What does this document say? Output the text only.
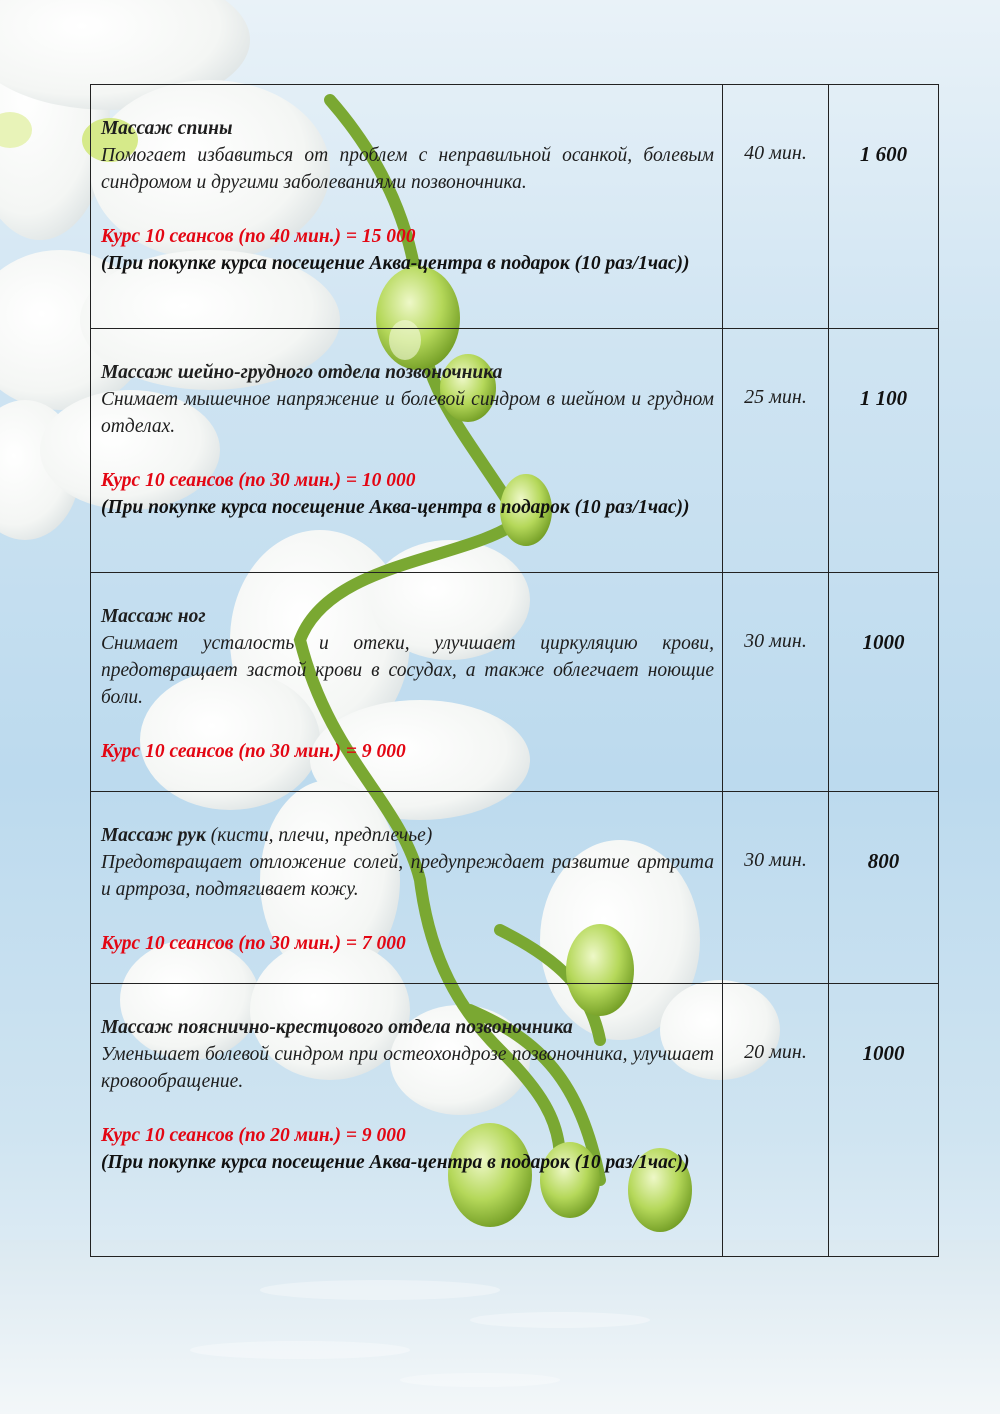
Массаж спины
Помогает избавиться от проблем с неправильной осанкой, болевым синдромом и другими заболеваниями позвоночника.
Курс 10 сеансов (по 40 мин.) = 15 000
(При покупке курса посещение Аква-центра в подарок (10 раз/1час))	40 мин.	1 600

Массаж шейно-грудного отдела позвоночника
Снимает мышечное напряжение и болевой синдром в шейном и грудном отделах.
Курс 10 сеансов (по 30 мин.) = 10 000
(При покупке курса посещение Аква-центра в подарок (10 раз/1час))	25 мин.	1 100

Массаж ног
Снимает усталость и отеки, улучшает циркуляцию крови, предотвращает застой крови в сосудах, а также облегчает ноющие боли.
Курс 10 сеансов (по 30 мин.) = 9 000	30 мин.	1000

Массаж рук (кисти, плечи, предплечье)
Предотвращает отложение солей, предупреждает развитие артрита и артроза, подтягивает кожу.
Курс 10 сеансов (по 30 мин.) = 7 000	30 мин.	800

Массаж пояснично-крестцового отдела позвоночника
Уменьшает болевой синдром при остеохондрозе позвоночника, улучшает кровообращение.
Курс 10 сеансов (по 20 мин.) = 9 000
(При покупке курса посещение Аква-центра в подарок (10 раз/1час))	20 мин.	1000
